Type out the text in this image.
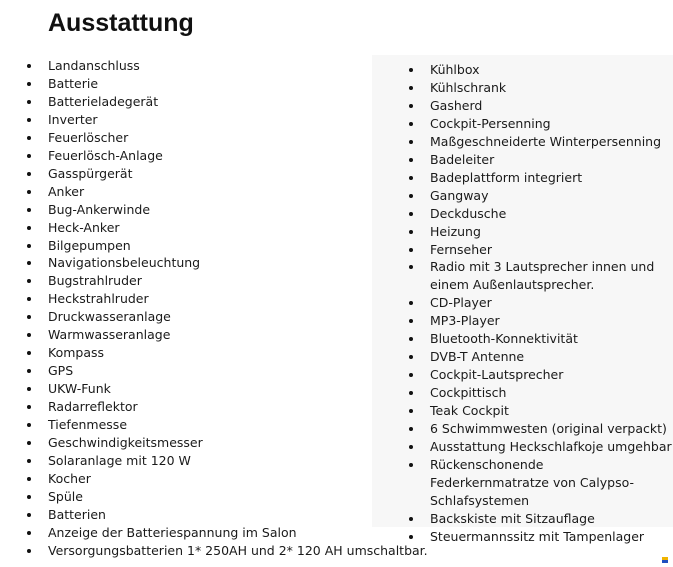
Ausstattung
Landanschluss
Batterie
Batterieladegerät
Inverter
Feuerlöscher
Feuerlösch-Anlage
Gasspürgerät
Anker
Bug-Ankerwinde
Heck-Anker
Bilgepumpen
Navigationsbeleuchtung
Bugstrahlruder
Heckstrahlruder
Druckwasseranlage
Warmwasseranlage
Kompass
GPS
UKW-Funk
Radarreflektor
Tiefenmesse
Geschwindigkeitsmesser
Solaranlage mit 120 W
Kocher
Spüle
Batterien
Anzeige der Batteriespannung im Salon
Versorgungsbatterien 1* 250AH und 2* 120 AH umschaltbar.
Kühlbox
Kühlschrank
Gasherd
Cockpit-Persenning
Maßgeschneiderte Winterpersenning
Badeleiter
Badeplattform integriert
Gangway
Deckdusche
Heizung
Fernseher
Radio mit 3 Lautsprecher innen und einem Außenlautsprecher.
CD-Player
MP3-Player
Bluetooth-Konnektivität
DVB-T Antenne
Cockpit-Lautsprecher
Cockpittisch
Teak Cockpit
6 Schwimmwesten (original verpackt)
Ausstattung Heckschlafkoje umgehbar
Rückenschonende Federkernmatratze von Calypso- Schlafsystemen
Backskiste mit Sitzauflage
Steuermannssitz mit Tampenlager
